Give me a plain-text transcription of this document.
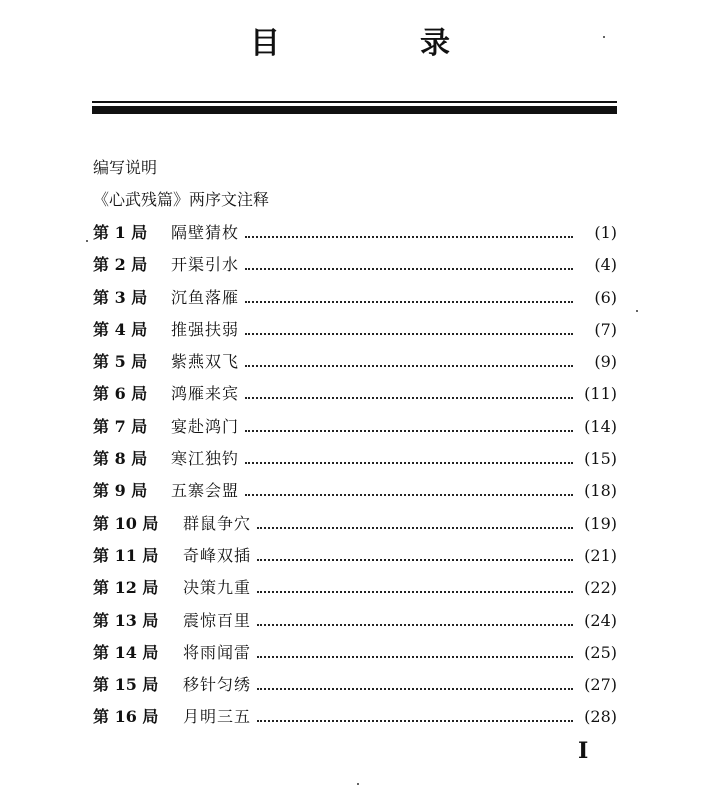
目	录
编写说明
《心武残篇》两序文注释
第 1 局	隔壁猜枚	(1)
第 2 局	开渠引水	(4)
第 3 局	沉鱼落雁	(6)
第 4 局	推强扶弱	(7)
第 5 局	紫燕双飞	(9)
第 6 局	鸿雁来宾	(11)
第 7 局	宴赴鸿门	(14)
第 8 局	寒江独钓	(15)
第 9 局	五寨会盟	(18)
第 10 局	群鼠争穴	(19)
第 11 局	奇峰双插	(21)
第 12 局	决策九重	(22)
第 13 局	震惊百里	(24)
第 14 局	将雨闻雷	(25)
第 15 局	移针匀绣	(27)
第 16 局	月明三五	(28)
I
